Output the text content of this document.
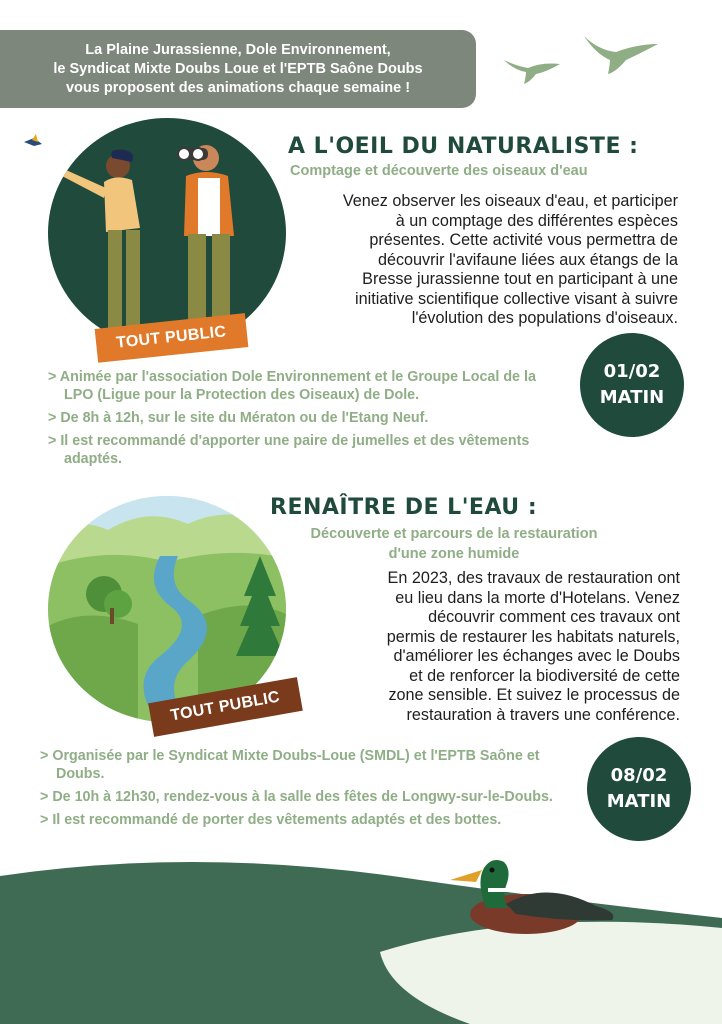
La Plaine Jurassienne, Dole Environnement,
le Syndicat Mixte Doubs Loue et l'EPTB Saône Doubs
vous proposent des animations chaque semaine !
TOUT PUBLIC
A L'OEIL DU NATURALISTE :
Comptage et découverte des oiseaux d'eau
Venez observer les oiseaux d'eau, et participer
à un comptage des différentes espèces
présentes. Cette activité vous permettra de
découvrir l'avifaune liées aux étangs de la
Bresse jurassienne tout en participant à une
initiative scientifique collective visant à suivre
l'évolution des populations d'oiseaux.
> Animée par l'association Dole Environnement et le Groupe Local de la LPO (Ligue pour la Protection des Oiseaux) de Dole.
> De 8h à 12h, sur le site du Mératon ou de l'Etang Neuf.
> Il est recommandé d'apporter une paire de jumelles et des vêtements adaptés.
01/02
MATIN
TOUT PUBLIC
RENAÎTRE DE L'EAU :
Découverte et parcours de la restauration
d'une zone humide
En 2023, des travaux de restauration ont
eu lieu dans la morte d'Hotelans. Venez
découvrir comment ces travaux ont
permis de restaurer les habitats naturels,
d'améliorer les échanges avec le Doubs
et de renforcer la biodiversité de cette
zone sensible. Et suivez le processus de
restauration à travers une conférence.
> Organisée par le Syndicat Mixte Doubs-Loue (SMDL) et l'EPTB Saône et Doubs.
> De 10h à 12h30, rendez-vous à la salle des fêtes de Longwy-sur-le-Doubs.
> Il est recommandé de porter des vêtements adaptés et des bottes.
08/02
MATIN
